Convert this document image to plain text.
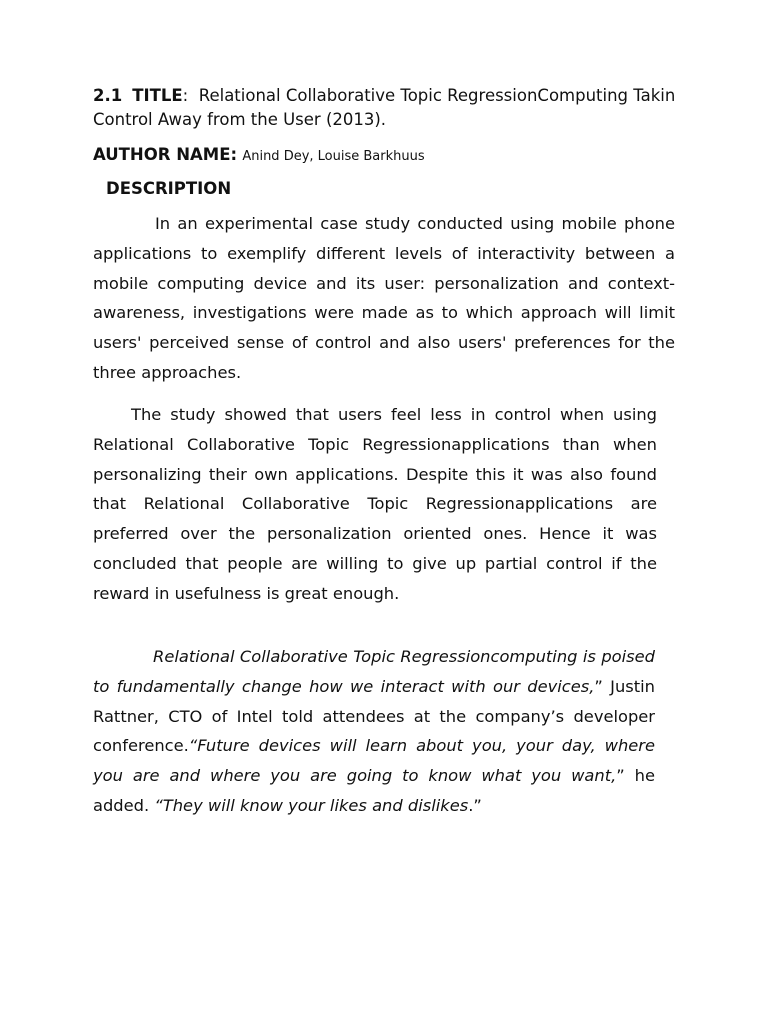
2.1 TITLE: Relational Collaborative Topic RegressionComputing Takin Control Away from the User (2013).
AUTHOR NAME: Anind Dey, Louise Barkhuus
DESCRIPTION

In an experimental case study conducted using mobile phone applications to exemplify different levels of interactivity between a mobile computing device and its user: personalization and context-awareness, investigations were made as to which approach will limit users' perceived sense of control and also users' preferences for the three approaches.

The study showed that users feel less in control when using Relational Collaborative Topic Regressionapplications than when personalizing their own applications. Despite this it was also found that Relational Collaborative Topic Regressionapplications are preferred over the personalization oriented ones. Hence it was concluded that people are willing to give up partial control if the reward in usefulness is great enough.

Relational Collaborative Topic Regressioncomputing is poised to fundamentally change how we interact with our devices,” Justin Rattner, CTO of Intel told attendees at the company’s developer conference.“Future devices will learn about you, your day, where you are and where you are going to know what you want,” he added. “They will know your likes and dislikes.”
